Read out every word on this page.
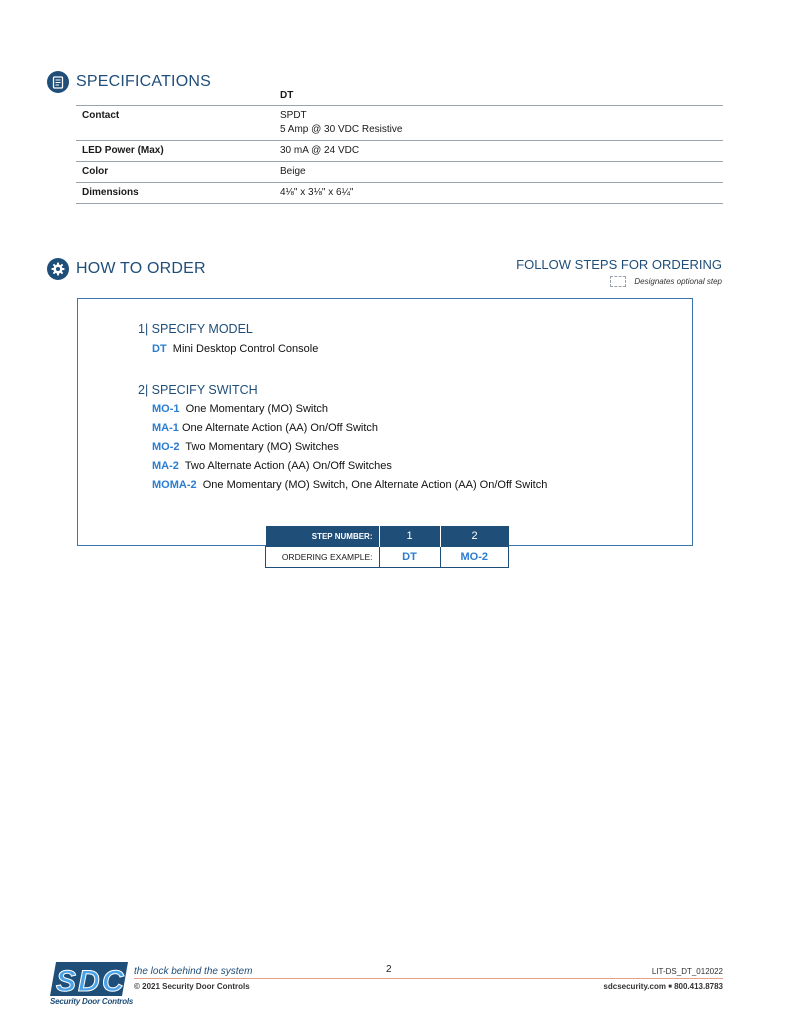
SPECIFICATIONS
	DT
Contact	SPDT
5 Amp @ 30 VDC Resistive

LED Power (Max)	30 mA @ 24 VDC
Color	Beige
Dimensions	4⅛" x 3⅛" x 6¼"
HOW TO ORDER	FOLLOW STEPS FOR ORDERING
Designates optional step
1| SPECIFY MODEL
DT Mini Desktop Control Console
2| SPECIFY SWITCH
MO-1 One Momentary (MO) Switch
MA-1 One Alternate Action (AA) On/Off Switch
MO-2 Two Momentary (MO) Switches
MA-2 Two Alternate Action (AA) On/Off Switches
MOMA-2 One Momentary (MO) Switch, One Alternate Action (AA) On/Off Switch
STEP NUMBER:	1	2
ORDERING EXAMPLE:	DT	MO-2
S D C
Security Door Controls
the lock behind the system
© 2021 Security Door Controls
2	LIT-DS_DT_012022
sdcsecurity.com ■ 800.413.8783
